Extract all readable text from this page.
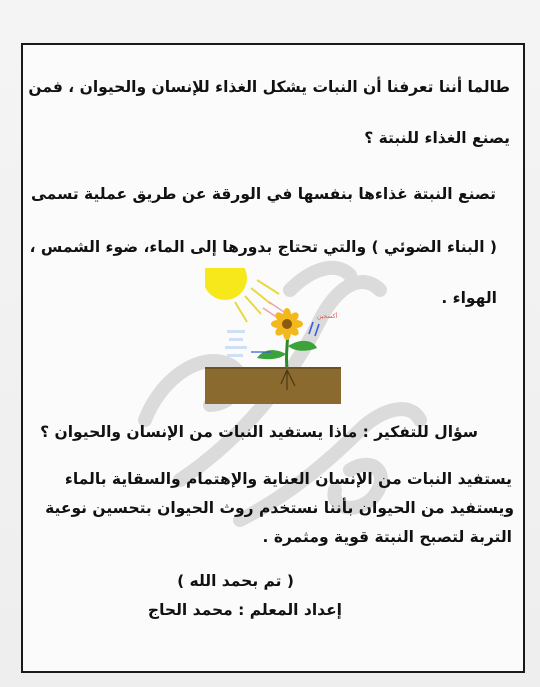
طالما أننا تعرفنا أن النبات يشكل الغذاء للإنسان والحيوان ، فمن
يصنع الغذاء للنبتة ؟
تصنع النبتة غذاءها بنفسها في الورقة عن طريق عملية تسمى
( البناء الضوئي ) والتي تحتاج بدورها إلى الماء، ضوء الشمس ،
الهواء .
أكسجين
سؤال للتفكير : ماذا يستفيد النبات من الإنسان والحيوان ؟
يستفيد النبات من الإنسان العناية والإهتمام والسقاية بالماء
ويستفيد من الحيوان بأننا نستخدم روث الحيوان بتحسين نوعية
التربة لتصبح النبتة قوية ومثمرة .
( تم بحمد الله )
إعداد المعلم : محمد الحاج
